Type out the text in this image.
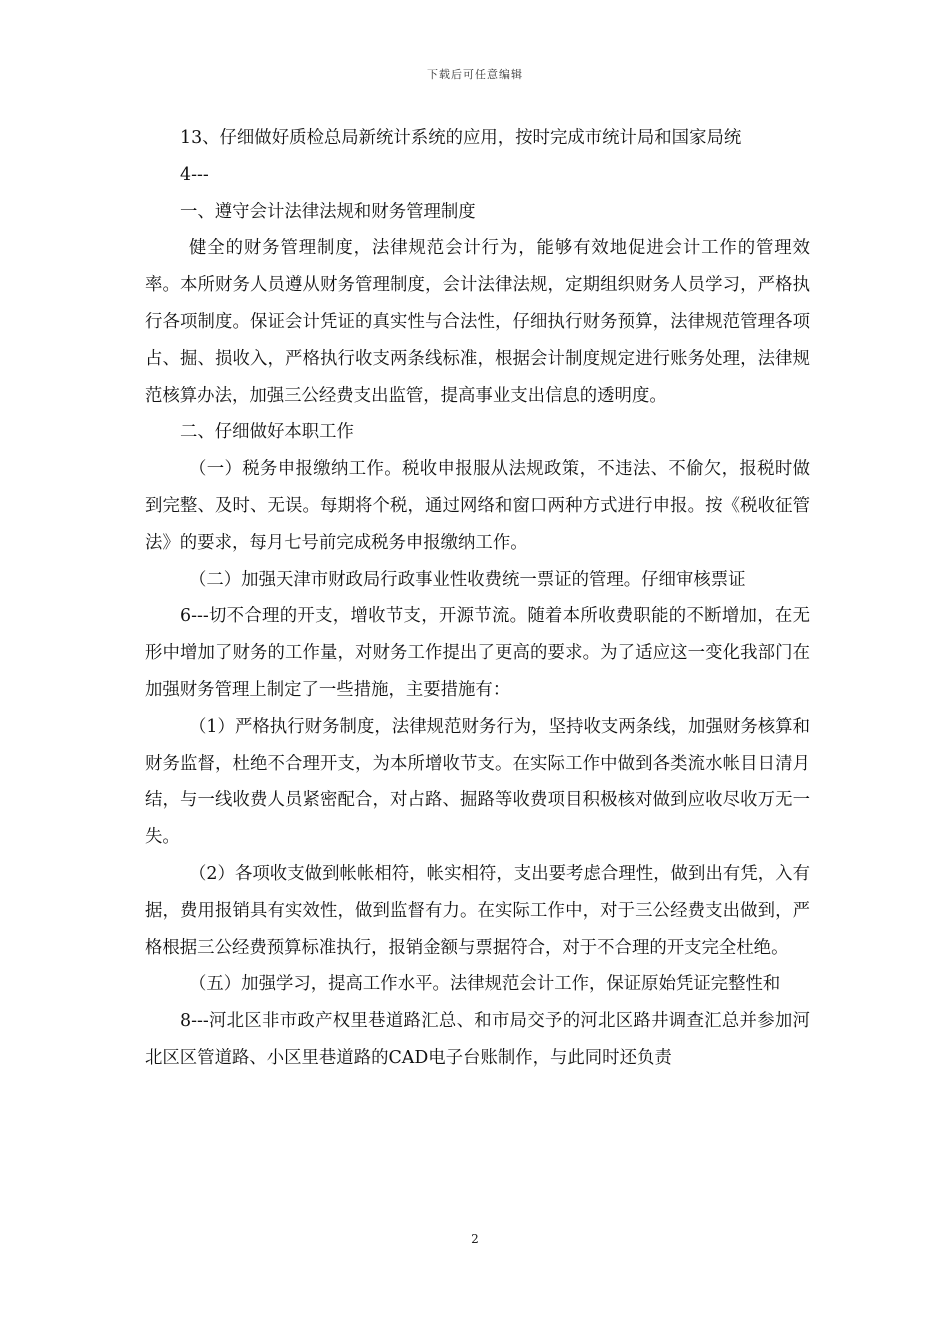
下载后可任意编辑

13、仔细做好质检总局新统计系统的应用，按时完成市统计局和国家局统

4---

一、遵守会计法律法规和财务管理制度

健全的财务管理制度，法律规范会计行为，能够有效地促进会计工作的管理效率。本所财务人员遵从财务管理制度，会计法律法规，定期组织财务人员学习，严格执行各项制度。保证会计凭证的真实性与合法性，仔细执行财务预算，法律规范管理各项占、掘、损收入，严格执行收支两条线标准，根据会计制度规定进行账务处理，法律规范核算办法，加强三公经费支出监管，提高事业支出信息的透明度。

二、仔细做好本职工作

（一）税务申报缴纳工作。税收申报服从法规政策，不违法、不偷欠，报税时做到完整、及时、无误。每期将个税，通过网络和窗口两种方式进行申报。按《税收征管法》的要求，每月七号前完成税务申报缴纳工作。

（二）加强天津市财政局行政事业性收费统一票证的管理。仔细审核票证

6---切不合理的开支，增收节支，开源节流。随着本所收费职能的不断增加，在无形中增加了财务的工作量，对财务工作提出了更高的要求。为了适应这一变化我部门在加强财务管理上制定了一些措施，主要措施有：

（1）严格执行财务制度，法律规范财务行为，坚持收支两条线，加强财务核算和财务监督，杜绝不合理开支，为本所增收节支。在实际工作中做到各类流水帐目日清月结，与一线收费人员紧密配合，对占路、掘路等收费项目积极核对做到应收尽收万无一失。

（2）各项收支做到帐帐相符，帐实相符，支出要考虑合理性，做到出有凭，入有据，费用报销具有实效性，做到监督有力。在实际工作中，对于三公经费支出做到，严格根据三公经费预算标准执行，报销金额与票据符合，对于不合理的开支完全杜绝。

（五）加强学习，提高工作水平。法律规范会计工作，保证原始凭证完整性和

8---河北区非市政产权里巷道路汇总、和市局交予的河北区路井调查汇总并参加河北区区管道路、小区里巷道路的CAD电子台账制作，与此同时还负责

2
